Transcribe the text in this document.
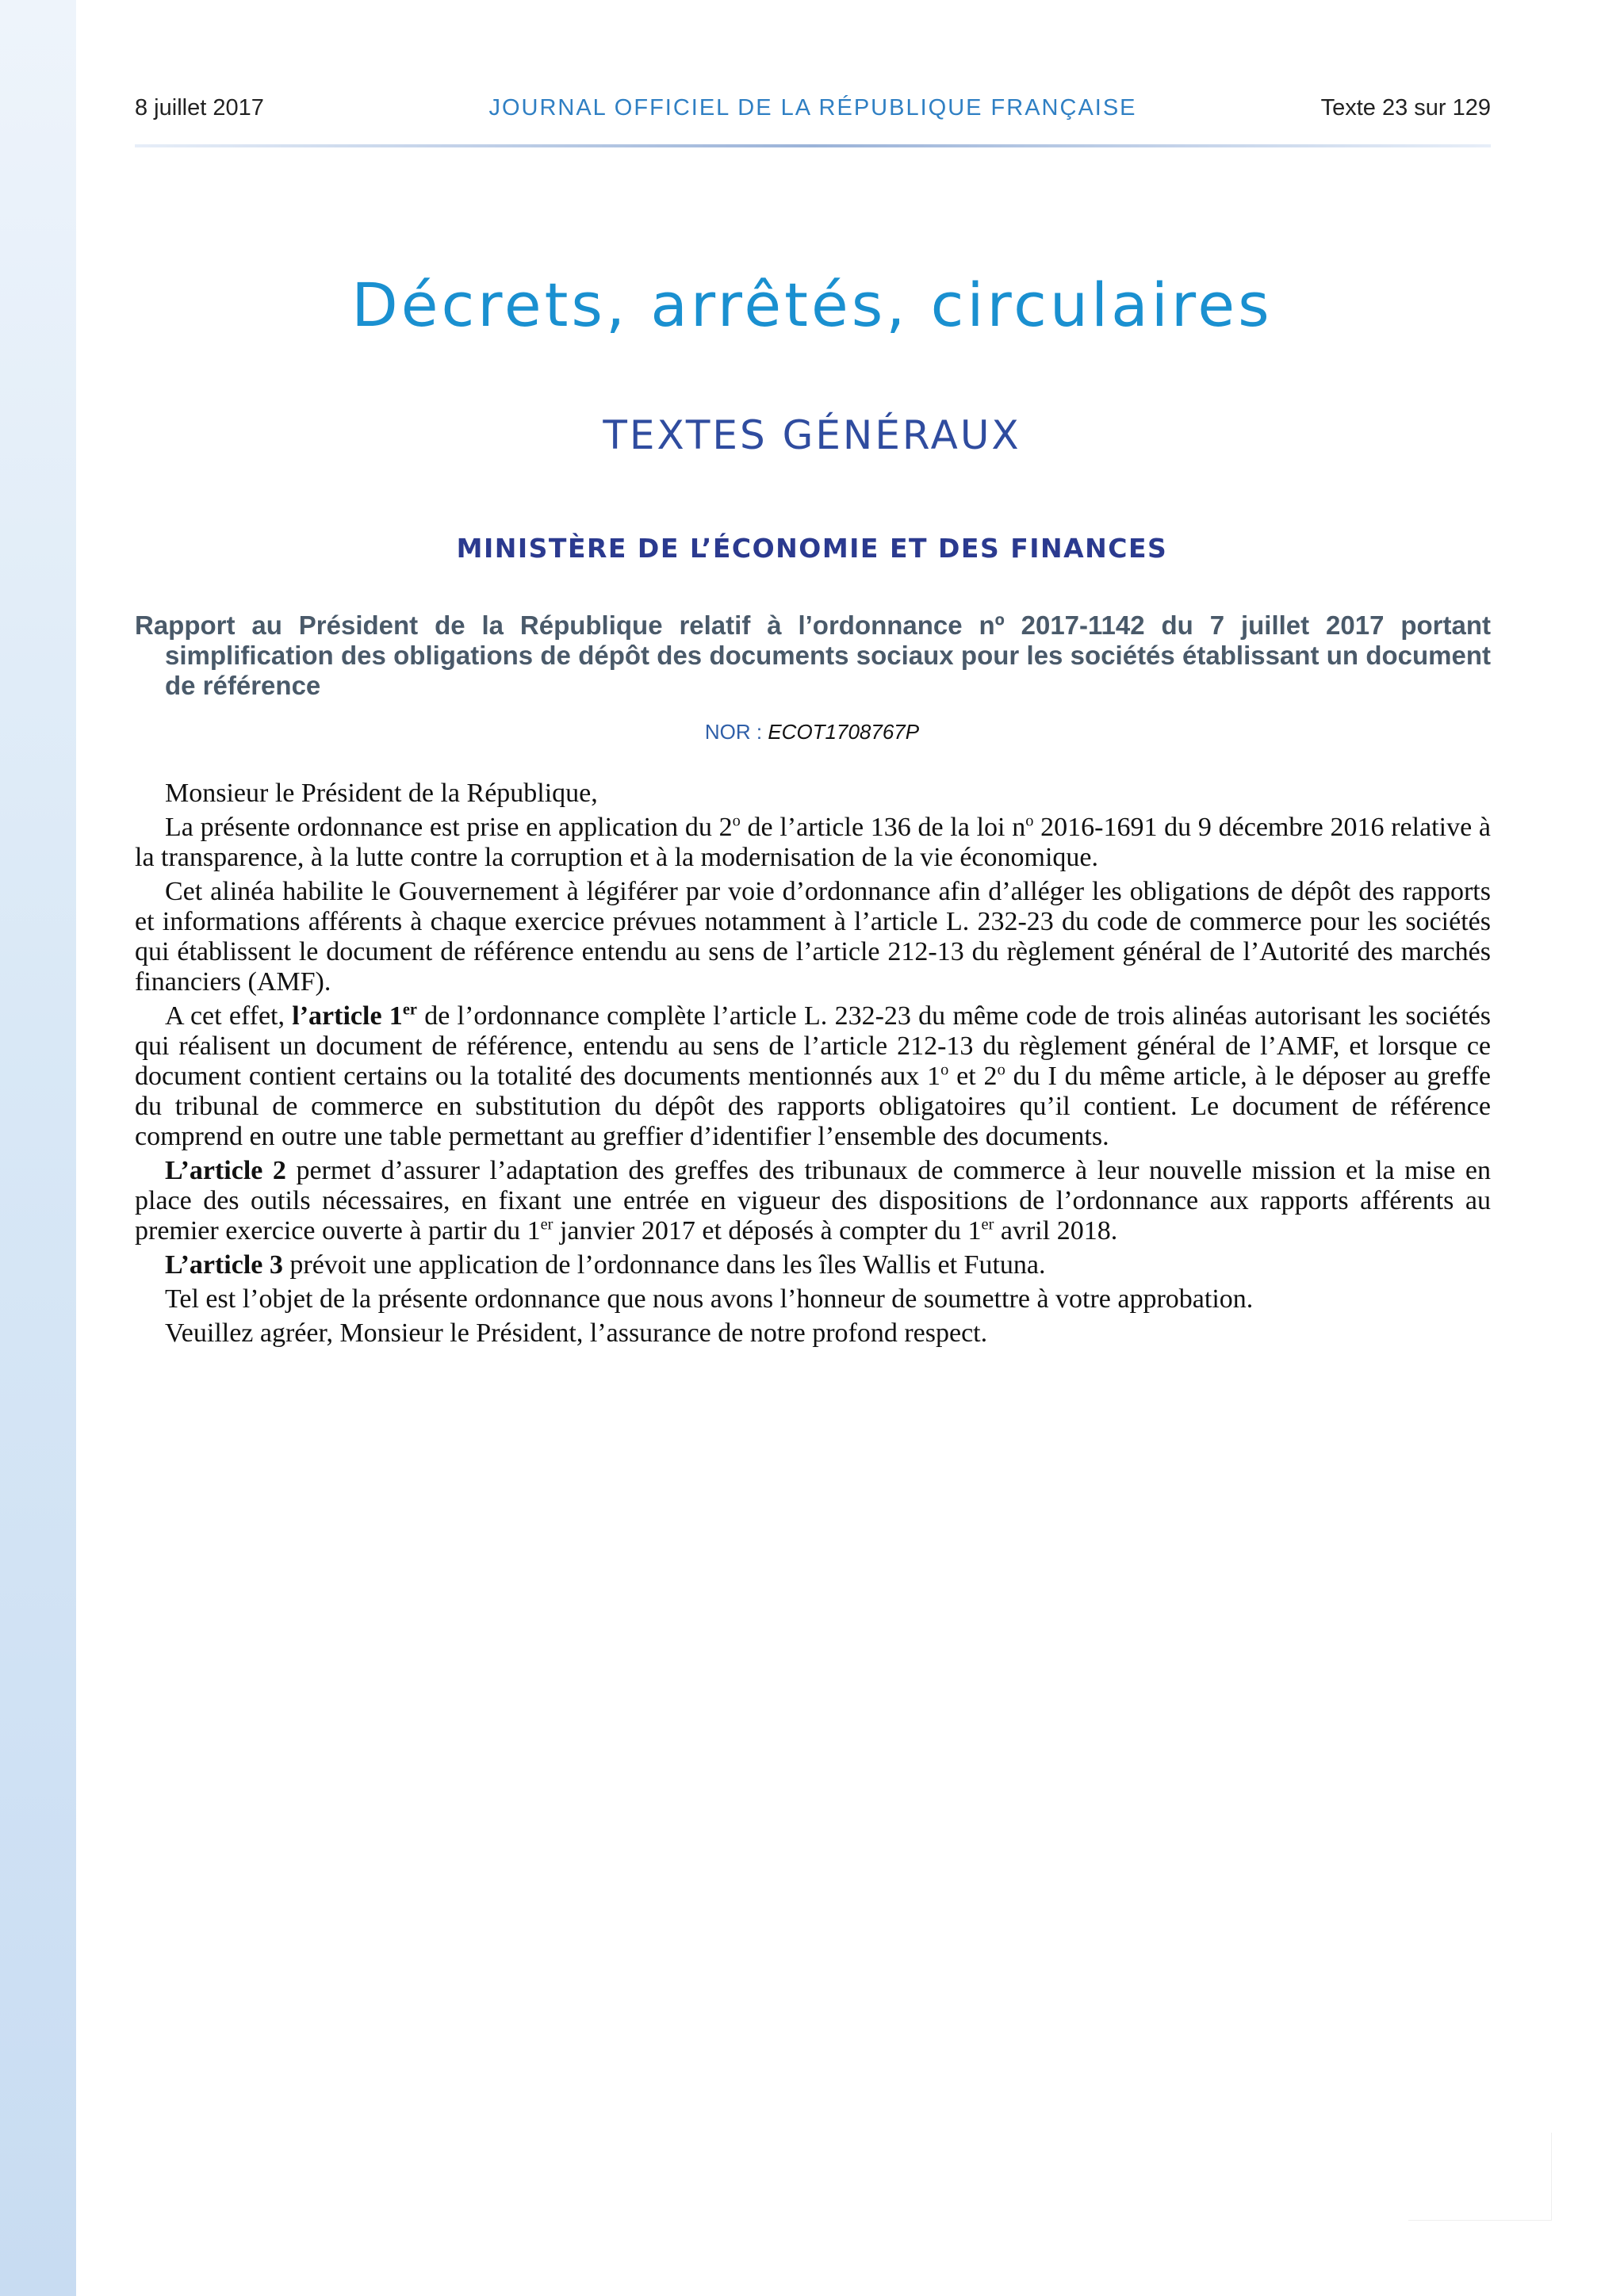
8 juillet 2017	JOURNAL OFFICIEL DE LA RÉPUBLIQUE FRANÇAISE	Texte 23 sur 129
Décrets, arrêtés, circulaires
TEXTES GÉNÉRAUX
MINISTÈRE DE L’ÉCONOMIE ET DES FINANCES

Rapport au Président de la République relatif à l’ordonnance nº 2017-1142 du 7 juillet 2017 portant simplification des obligations de dépôt des documents sociaux pour les sociétés établissant un document de référence

NOR : ECOT1708767P

Monsieur le Président de la République,

La présente ordonnance est prise en application du 2$^o$ de l’article 136 de la loi $n^o$ 2016-1691 du 9 décembre 2016 relative à la transparence, à la lutte contre la corruption et à la modernisation de la vie économique.

Cet alinéa habilite le Gouvernement à légiférer par voie d’ordonnance afin d’alléger les obligations de dépôt des rapports et informations afférents à chaque exercice prévues notamment à l’article L. 232-23 du code de commerce pour les sociétés qui établissent le document de référence entendu au sens de l’article 212-13 du règlement général de l’Autorité des marchés financiers (AMF).

A cet effet, l’article 1er de l’ordonnance complète l’article L. 232-23 du même code de trois alinéas autorisant les sociétés qui réalisent un document de référence, entendu au sens de l’article 212-13 du règlement général de l’AMF, et lorsque ce document contient certains ou la totalité des documents mentionnés aux 1$^o$ et 2$^o$ du I du même article, à le déposer au greffe du tribunal de commerce en substitution du dépôt des rapports obligatoires qu’il contient. Le document de référence comprend en outre une table permettant au greffier d’identifier l’ensemble des documents.

L’article 2 permet d’assurer l’adaptation des greffes des tribunaux de commerce à leur nouvelle mission et la mise en place des outils nécessaires, en fixant une entrée en vigueur des dispositions de l’ordonnance aux rapports afférents au premier exercice ouverte à partir du 1er janvier 2017 et déposés à compter du 1er avril 2018.

L’article 3 prévoit une application de l’ordonnance dans les îles Wallis et Futuna.

Tel est l’objet de la présente ordonnance que nous avons l’honneur de soumettre à votre approbation.

Veuillez agréer, Monsieur le Président, l’assurance de notre profond respect.
